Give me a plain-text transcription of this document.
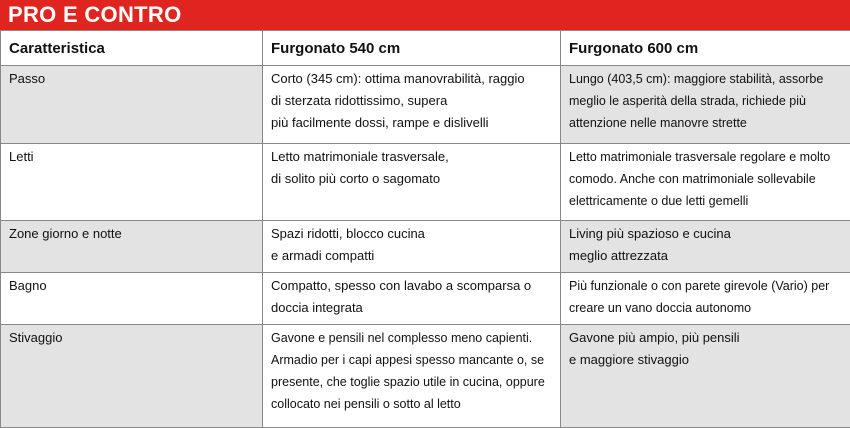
PRO E CONTRO
Caratteristica	Furgonato 540 cm	Furgonato 600 cm
Passo	Corto (345 cm): ottima manovrabilità, raggio
di sterzata ridottissimo, supera
più facilmente dossi, rampe e dislivelli	Lungo (403,5 cm): maggiore stabilità, assorbe
meglio le asperità della strada, richiede più
attenzione nelle manovre strette

Letti	Letto matrimoniale trasversale,
di solito più corto o sagomato	Letto matrimoniale trasversale regolare e molto
comodo. Anche con matrimoniale sollevabile
elettricamente o due letti gemelli

Zone giorno e notte	Spazi ridotti, blocco cucina
e armadi compatti	Living più spazioso e cucina
meglio attrezzata

Bagno	Compatto, spesso con lavabo a scomparsa o
doccia integrata	Più funzionale o con parete girevole (Vario) per
creare un vano doccia autonomo

Stivaggio	Gavone e pensili nel complesso meno capienti.
Armadio per i capi appesi spesso mancante o, se
presente, che toglie spazio utile in cucina, oppure
collocato nei pensili o sotto al letto	Gavone più ampio, più pensili
e maggiore stivaggio
